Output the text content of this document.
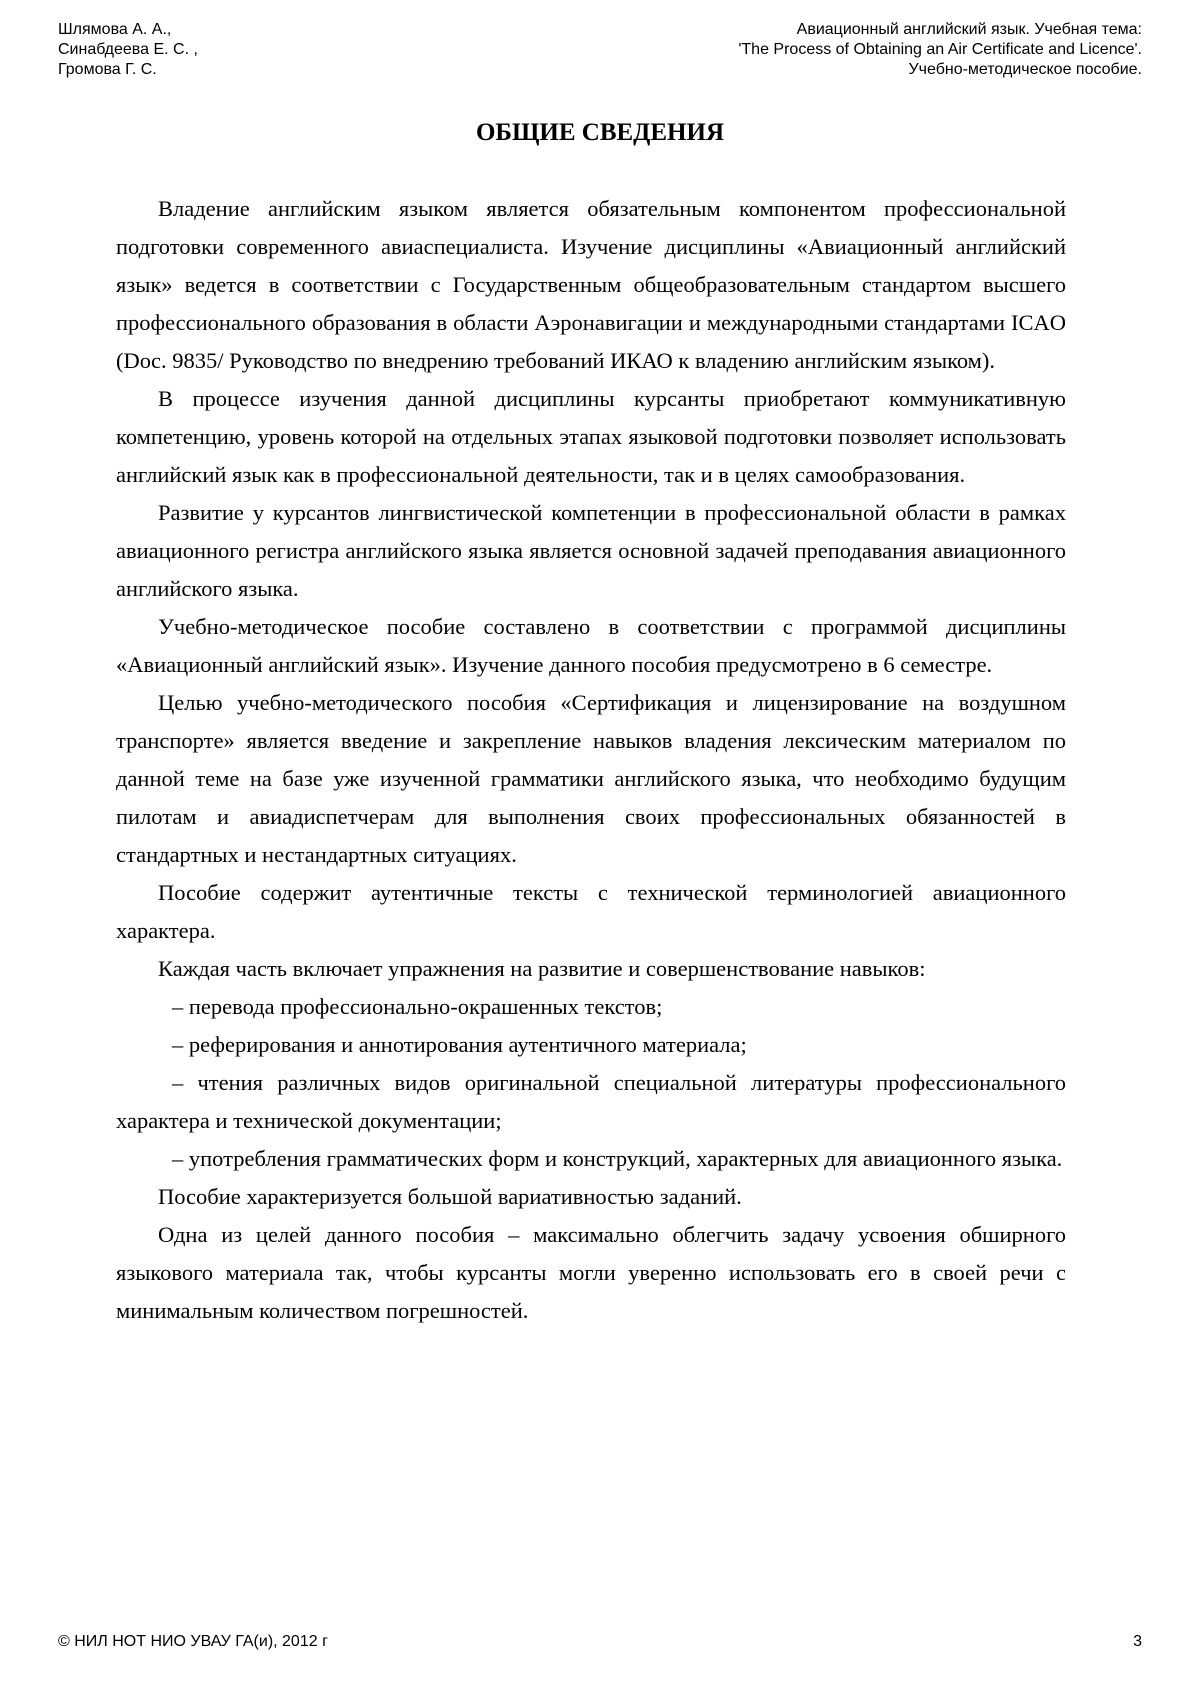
Шлямова А. А.,
Синабдеева Е. С. ,
Громова Г. С.
Авиационный английский язык. Учебная тема:
'The Process of Obtaining an Air Certificate and Licence'.
Учебно-методическое пособие.
ОБЩИЕ СВЕДЕНИЯ

Владение английским языком является обязательным компонентом профессиональной подготовки современного авиаспециалиста. Изучение дисциплины «Авиационный английский язык» ведется в соответствии с Государственным общеобразовательным стандартом высшего профессионального образования в области Аэронавигации и международными стандартами ICAO (Doc. 9835/ Руководство по внедрению требований ИКАО к владению английским языком).

В процессе изучения данной дисциплины курсанты приобретают коммуникативную компетенцию, уровень которой на отдельных этапах языковой подготовки позволяет использовать английский язык как в профессиональной деятельности, так и в целях самообразования.

Развитие у курсантов лингвистической компетенции в профессиональной области в рамках авиационного регистра английского языка является основной задачей преподавания авиационного английского языка.

Учебно-методическое пособие составлено в соответствии с программой дисциплины «Авиационный английский язык». Изучение данного пособия предусмотрено в 6 семестре.

Целью учебно-методического пособия «Сертификация и лицензирование на воздушном транспорте» является введение и закрепление навыков владения лексическим материалом по данной теме на базе уже изученной грамматики английского языка, что необходимо будущим пилотам и авиадиспетчерам для выполнения своих профессиональных обязанностей в стандартных и нестандартных ситуациях.

Пособие содержит аутентичные тексты с технической терминологией авиационного характера.

Каждая часть включает упражнения на развитие и совершенствование навыков:

– перевода профессионально-окрашенных текстов;

– реферирования и аннотирования аутентичного материала;

– чтения различных видов оригинальной специальной литературы профессионального характера и технической документации;

– употребления грамматических форм и конструкций, характерных для авиационного языка.

Пособие характеризуется большой вариативностью заданий.

Одна из целей данного пособия – максимально облегчить задачу усвоения обширного языкового материала так, чтобы курсанты могли уверенно использовать его в своей речи с минимальным количеством погрешностей.

© НИЛ НОТ НИО УВАУ ГА(и), 2012 г	3
